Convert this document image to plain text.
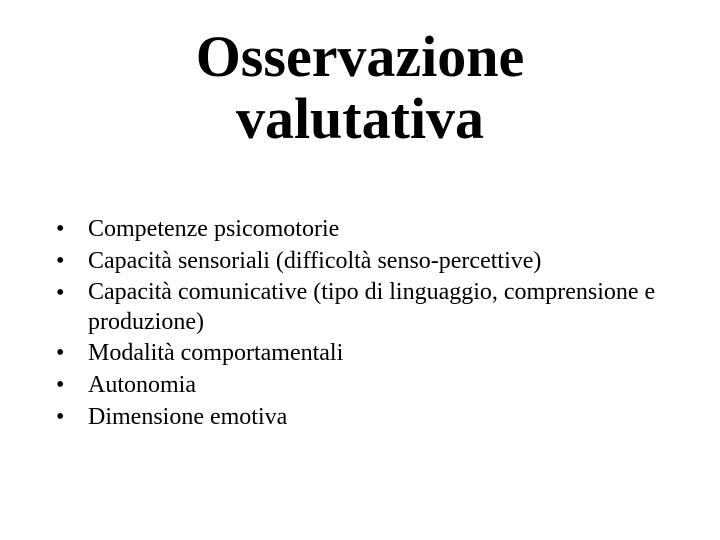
Osservazione
valutativa
• Competenze psicomotorie
• Capacità sensoriali (difficoltà senso-percettive)
• Capacità comunicative (tipo di linguaggio, comprensione e produzione)
• Modalità comportamentali
• Autonomia
• Dimensione emotiva
